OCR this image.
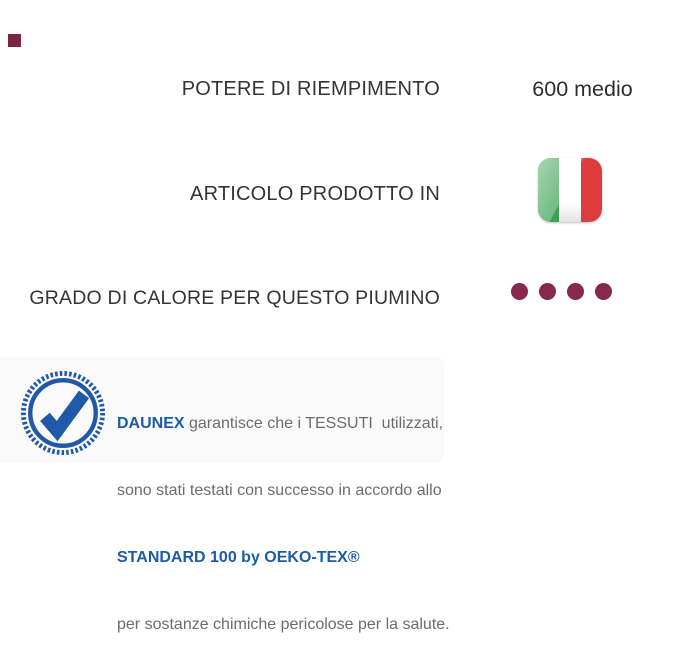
POTERE DI RIEMPIMENTO	600 medio
ARTICOLO PRODOTTO IN
GRADO DI CALORE PER QUESTO PIUMINO

DAUNEX garantisce che i TESSUTI  utilizzati,

sono stati testati con successo in accordo allo

STANDARD 100 by OEKO-TEX®

per sostanze chimiche pericolose per la salute.
